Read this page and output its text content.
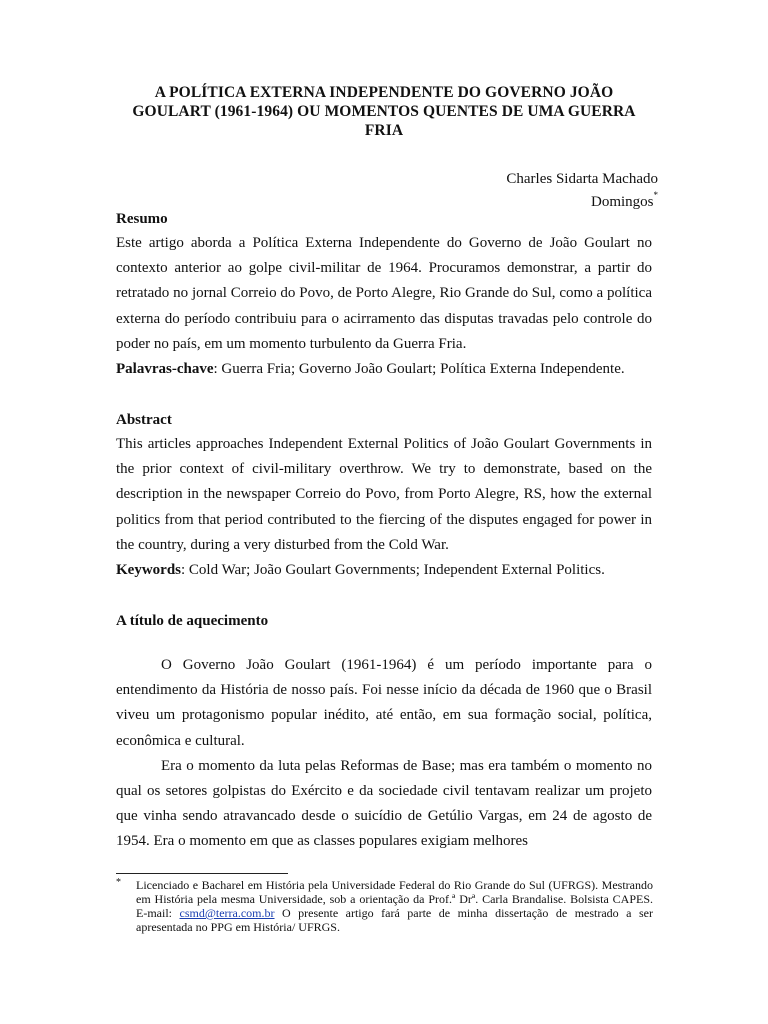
A POLÍTICA EXTERNA INDEPENDENTE DO GOVERNO JOÃO GOULART (1961-1964) OU MOMENTOS QUENTES DE UMA GUERRA FRIA
Charles Sidarta Machado
Domingos*
Resumo

Este artigo aborda a Política Externa Independente do Governo de João Goulart no contexto anterior ao golpe civil-militar de 1964. Procuramos demonstrar, a partir do retratado no jornal Correio do Povo, de Porto Alegre, Rio Grande do Sul, como a política externa do período contribuiu para o acirramento das disputas travadas pelo controle do poder no país, em um momento turbulento da Guerra Fria.

Palavras-chave: Guerra Fria; Governo João Goulart; Política Externa Independente.

Abstract

This articles approaches Independent External Politics of João Goulart Governments in the prior context of civil-military overthrow. We try to demonstrate, based on the description in the newspaper Correio do Povo, from Porto Alegre, RS, how the external politics from that period contributed to the fiercing of the disputes engaged for power in the country, during a very disturbed from the Cold War.

Keywords: Cold War; João Goulart Governments; Independent External Politics.

A título de aquecimento

O Governo João Goulart (1961-1964) é um período importante para o entendimento da História de nosso país. Foi nesse início da década de 1960 que o Brasil viveu um protagonismo popular inédito, até então, em sua formação social, política, econômica e cultural.

Era o momento da luta pelas Reformas de Base; mas era também o momento no qual os setores golpistas do Exército e da sociedade civil tentavam realizar um projeto que vinha sendo atravancado desde o suicídio de Getúlio Vargas, em 24 de agosto de 1954. Era o momento em que as classes populares exigiam melhores

* Licenciado e Bacharel em História pela Universidade Federal do Rio Grande do Sul (UFRGS). Mestrando em História pela mesma Universidade, sob a orientação da Prof.ª Drª. Carla Brandalise. Bolsista CAPES. E-mail: csmd@terra.com.br O presente artigo fará parte de minha dissertação de mestrado a ser apresentada no PPG em História/ UFRGS.
